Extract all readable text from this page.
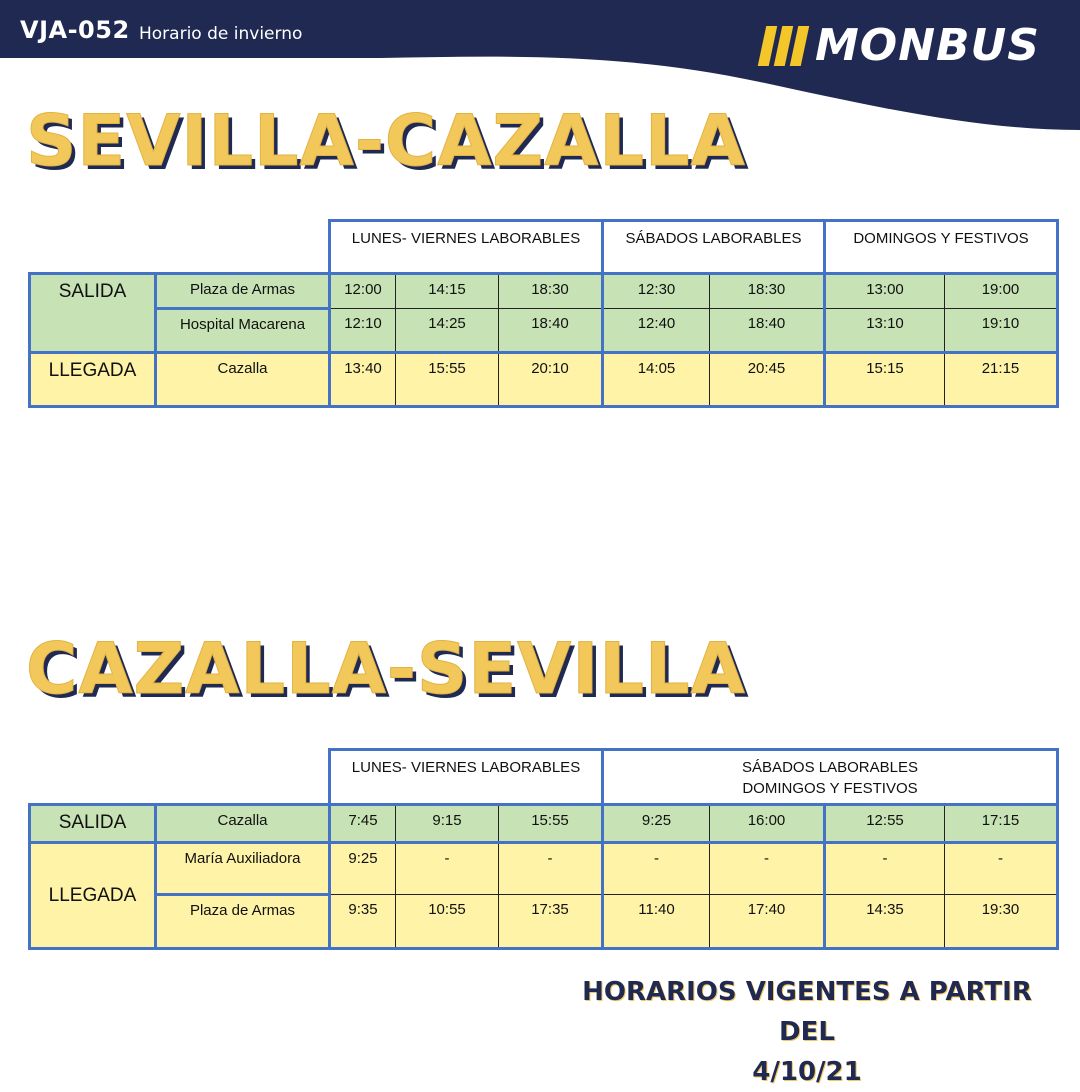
VJA-052 Horario de invierno	MONBUS
SEVILLA-CAZALLA
		LUNES- VIERNES LABORABLES			SÁBADOS LABORABLES		DOMINGOS Y FESTIVOS	
SALIDA	Plaza de Armas	12:00	14:15	18:30	12:30	18:30	13:00	19:00
	Hospital Macarena	12:10	14:25	18:40	12:40	18:40	13:10	19:10
LLEGADA	Cazalla	13:40	15:55	20:10	14:05	20:45	15:15	21:15
CAZALLA-SEVILLA
		LUNES- VIERNES LABORABLES			SÁBADOS LABORABLES
DOMINGOS Y FESTIVOS			

SALIDA	Cazalla	7:45	9:15	15:55	9:25	16:00	12:55	17:15
LLEGADA	María Auxiliadora	9:25	-	-	-	-	-	-
	Plaza de Armas	9:35	10:55	17:35	11:40	17:40	14:35	19:30
HORARIOS VIGENTES A PARTIR DEL
4/10/21
